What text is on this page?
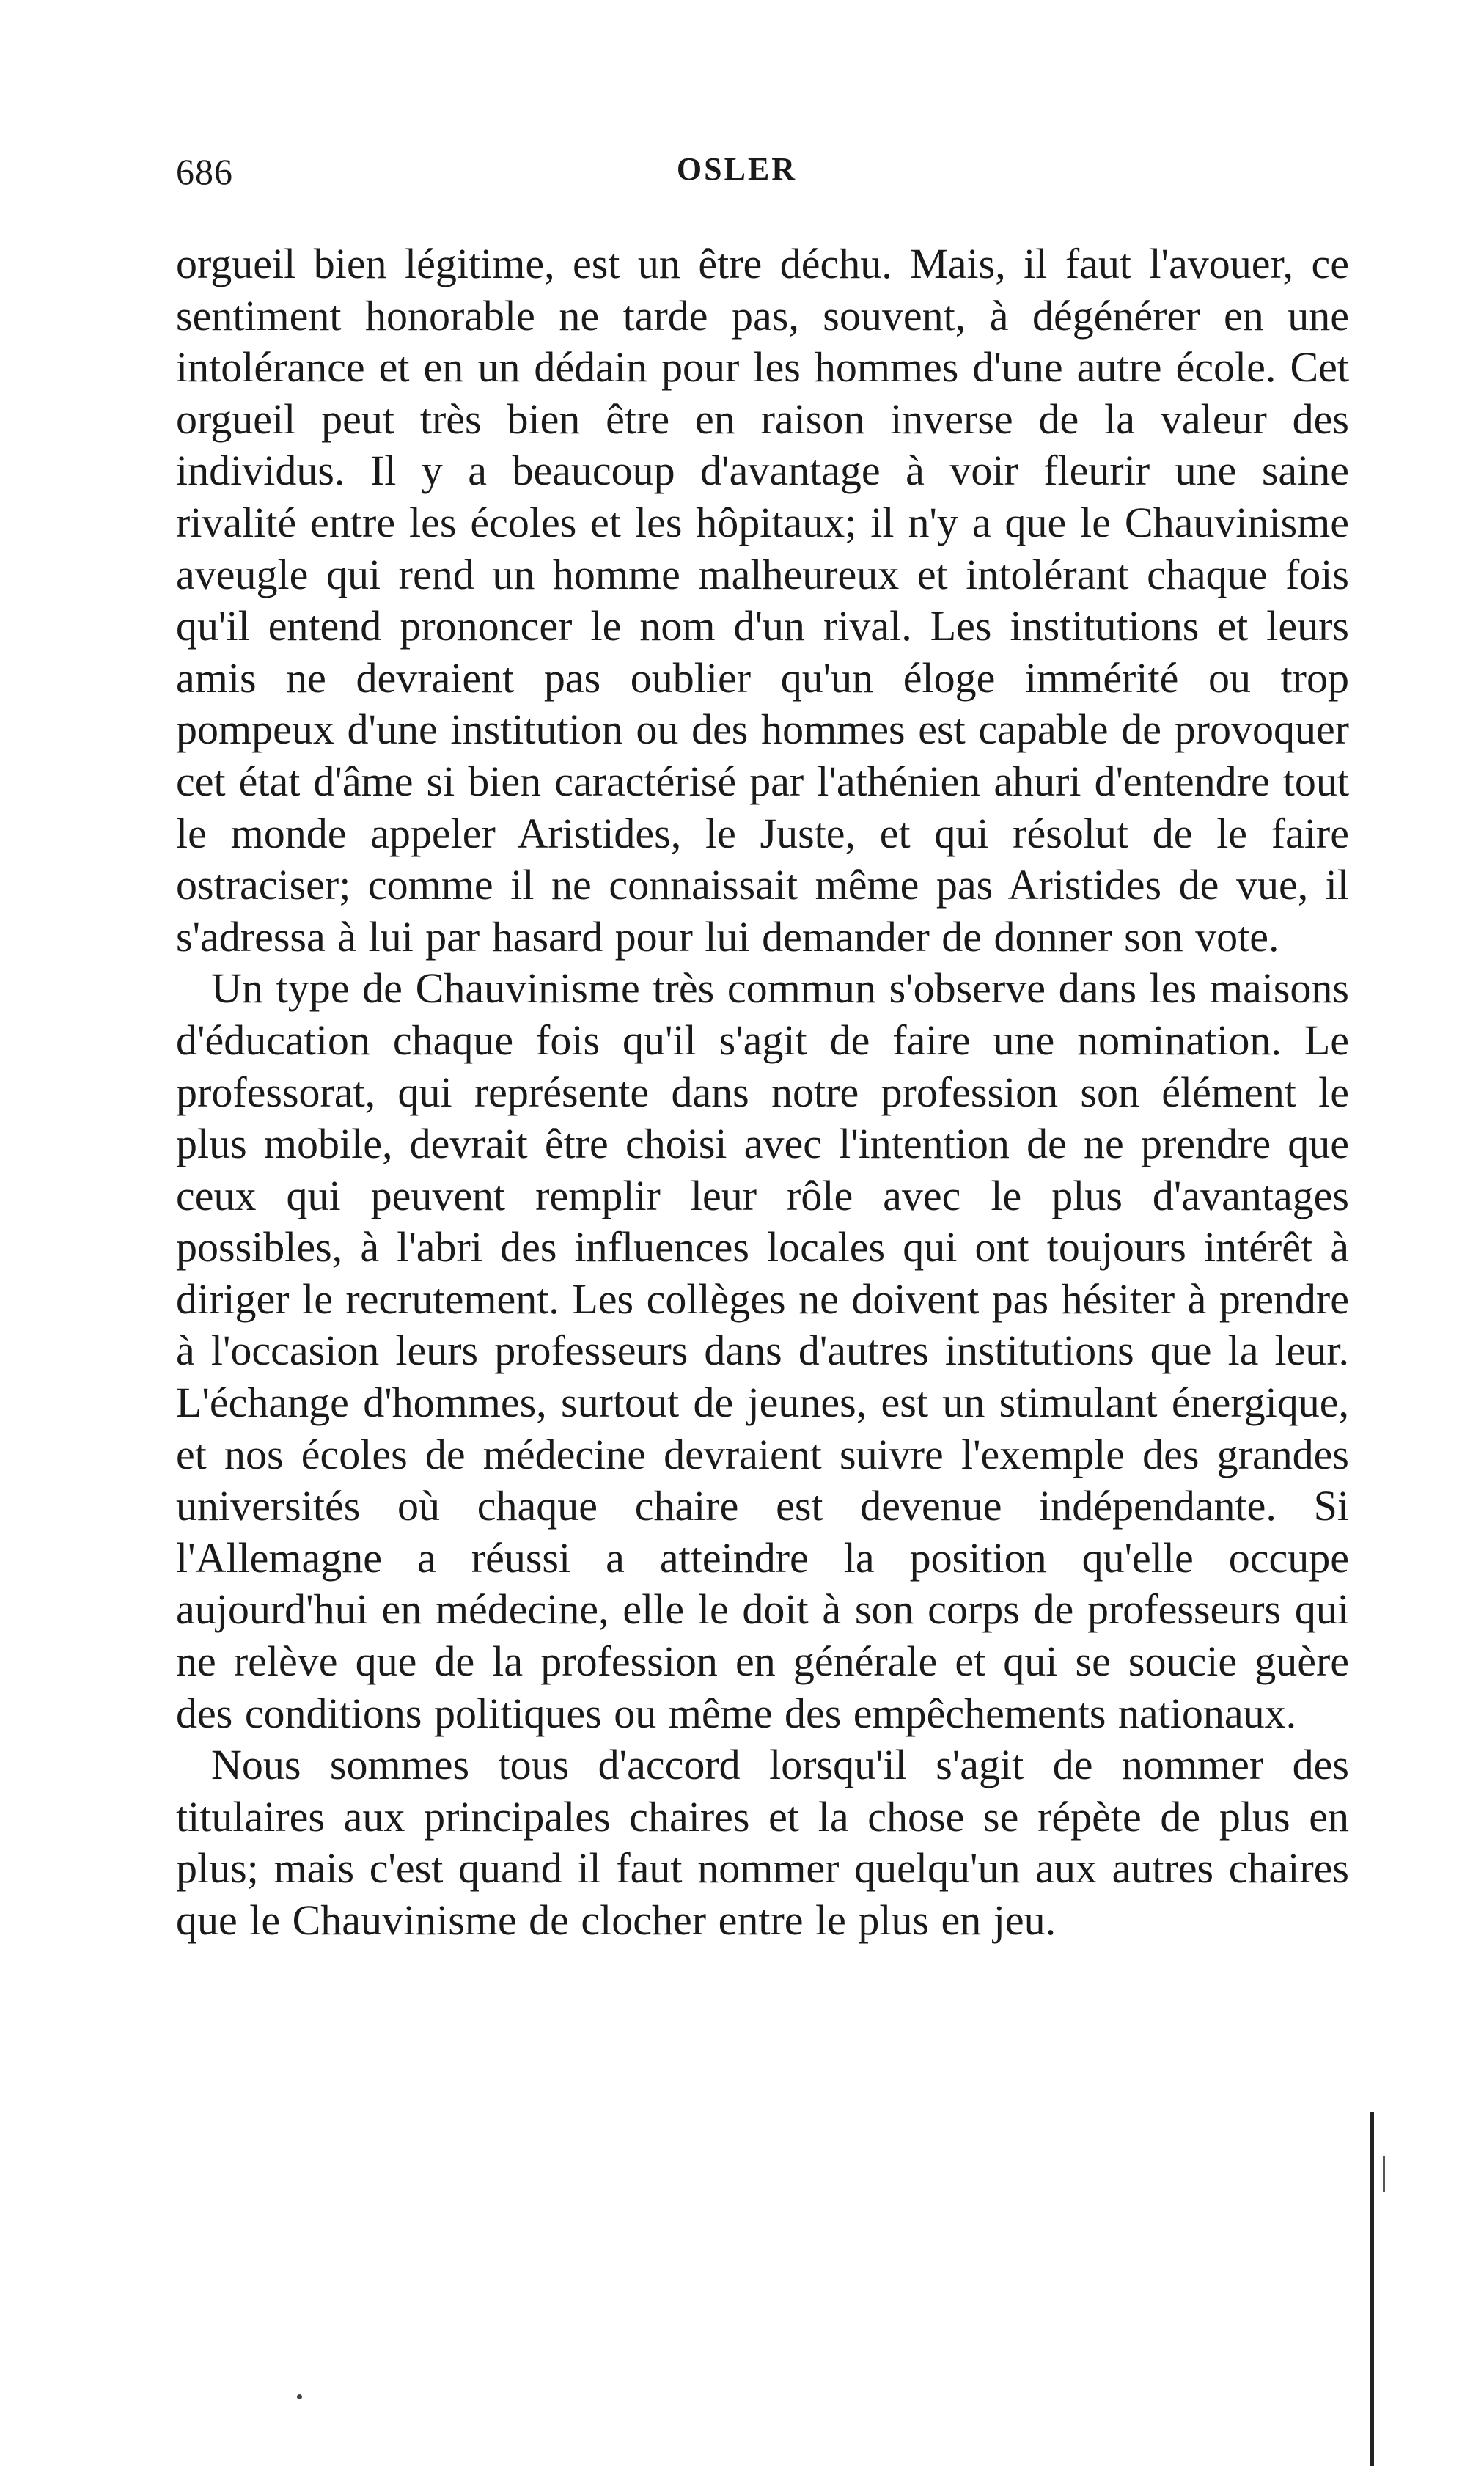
686	OSLER

orgueil bien légitime, est un être déchu. Mais, il faut l'avouer, ce sentiment honorable ne tarde pas, souvent, à dégénérer en une intolérance et en un dédain pour les hommes d'une autre école. Cet orgueil peut très bien être en raison inverse de la valeur des individus. Il y a beaucoup d'avantage à voir fleurir une saine rivalité entre les écoles et les hôpitaux; il n'y a que le Chauvinisme aveugle qui rend un homme malheureux et intolérant chaque fois qu'il entend prononcer le nom d'un rival. Les institutions et leurs amis ne devraient pas oublier qu'un éloge immérité ou trop pompeux d'une institution ou des hommes est capable de provoquer cet état d'âme si bien caractérisé par l'athénien ahuri d'entendre tout le monde appeler Aristides, le Juste, et qui résolut de le faire ostraciser; comme il ne connaissait même pas Aristides de vue, il s'adressa à lui par hasard pour lui demander de donner son vote.

Un type de Chauvinisme très commun s'observe dans les maisons d'éducation chaque fois qu'il s'agit de faire une nomination. Le professorat, qui représente dans notre profession son élément le plus mobile, devrait être choisi avec l'intention de ne prendre que ceux qui peuvent remplir leur rôle avec le plus d'avantages possibles, à l'abri des influences locales qui ont toujours intérêt à diriger le recrutement. Les collèges ne doivent pas hésiter à prendre à l'occasion leurs professeurs dans d'autres institutions que la leur. L'échange d'hommes, surtout de jeunes, est un stimulant énergique, et nos écoles de médecine devraient suivre l'exemple des grandes universités où chaque chaire est devenue indépendante. Si l'Allemagne a réussi a atteindre la position qu'elle occupe aujourd'hui en médecine, elle le doit à son corps de professeurs qui ne relève que de la profession en générale et qui se soucie guère des conditions politiques ou même des empêchements nationaux.

Nous sommes tous d'accord lorsqu'il s'agit de nommer des titulaires aux principales chaires et la chose se répète de plus en plus; mais c'est quand il faut nommer quelqu'un aux autres chaires que le Chauvinisme de clocher entre le plus en jeu.
